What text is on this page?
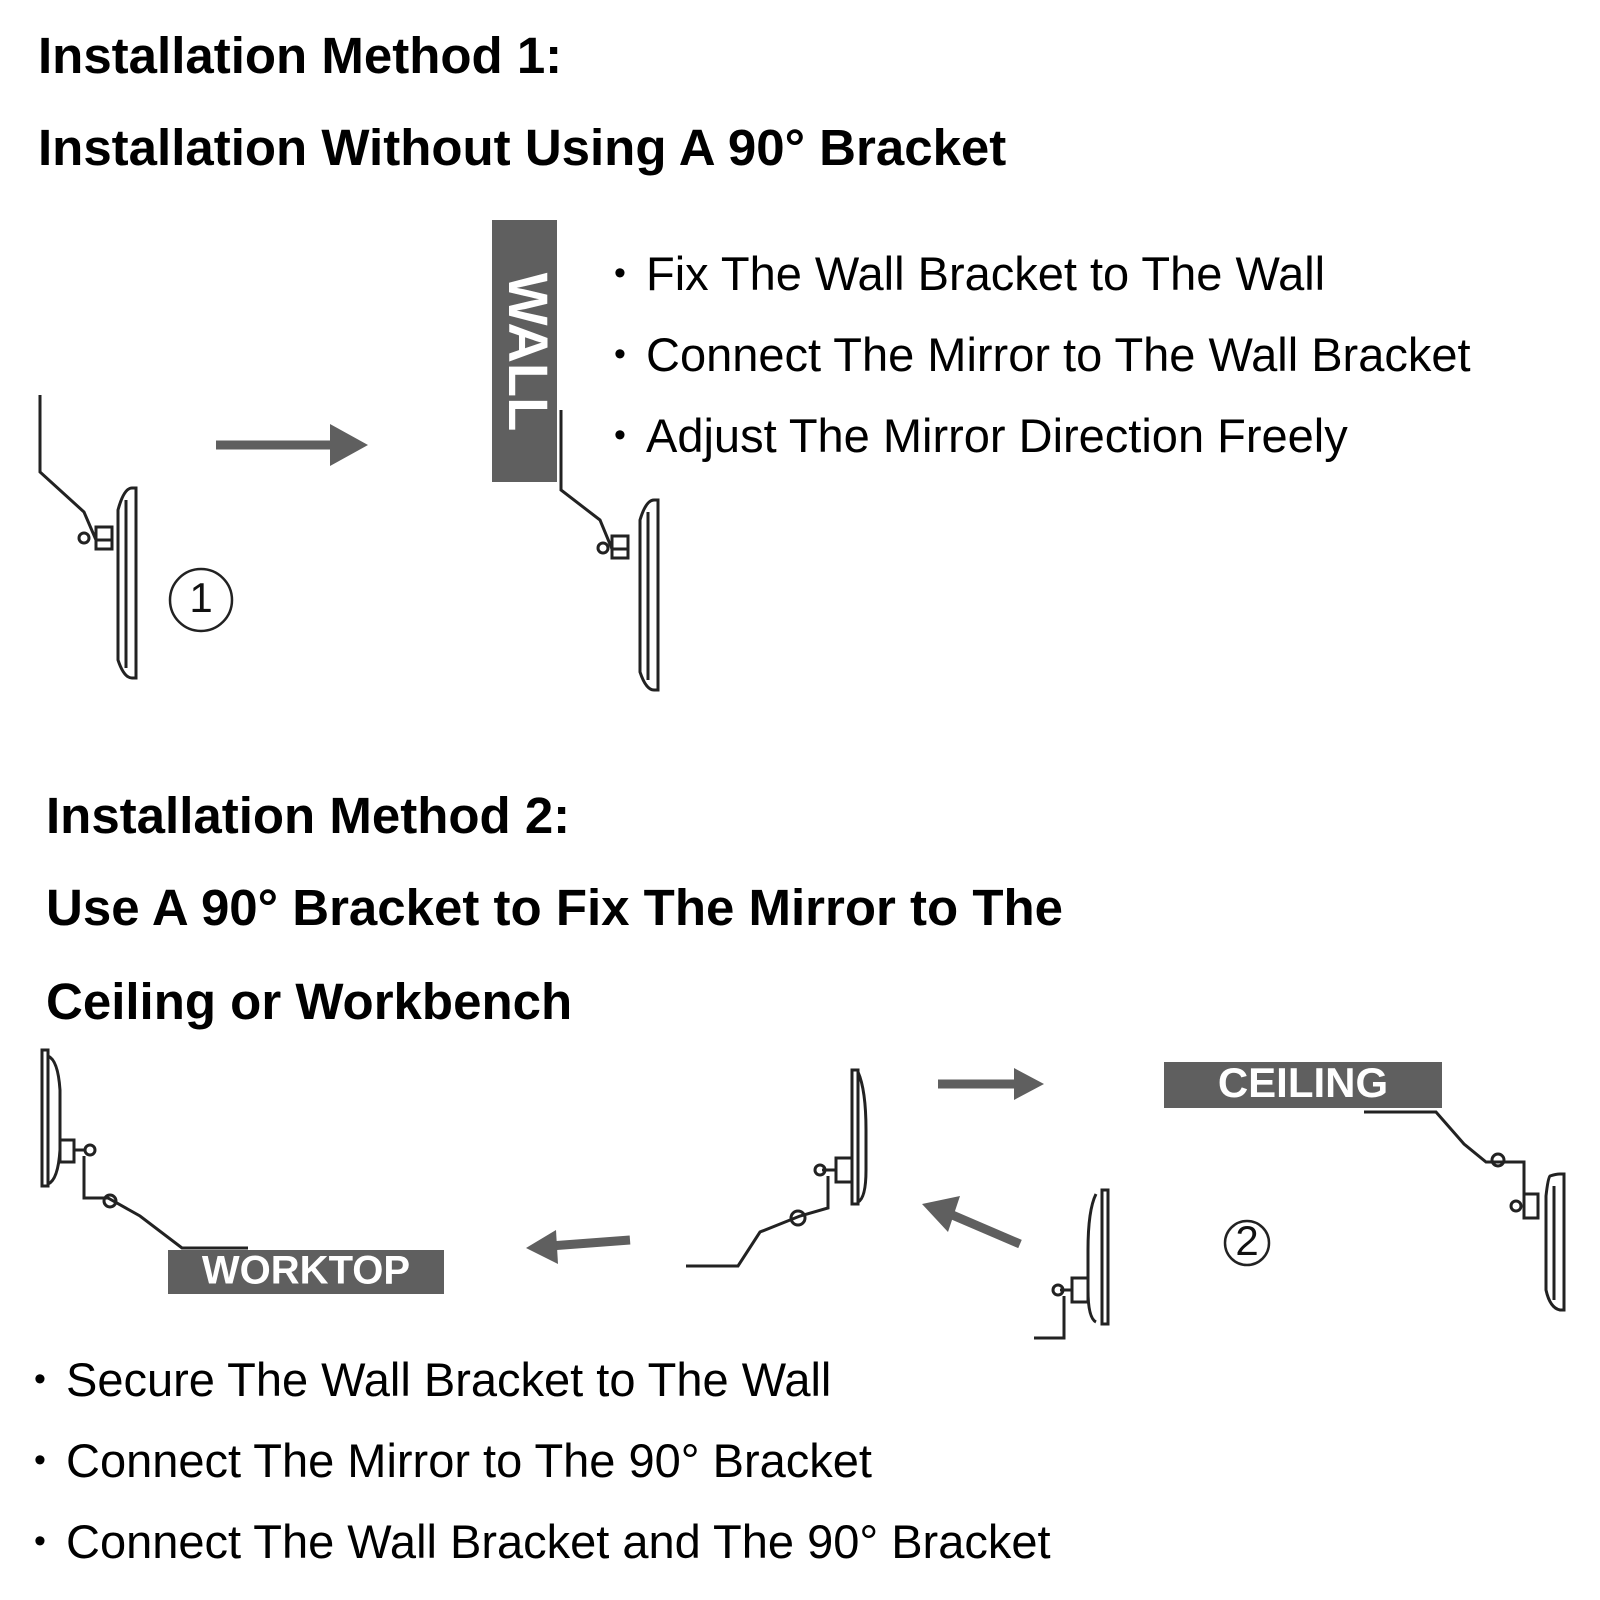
Installation Method 1:
Installation Without Using A 90° Bracket
• Fix The Wall Bracket to The Wall
• Connect The Mirror to The Wall Bracket
• Adjust The Mirror Direction Freely
Installation Method 2:
Use A 90° Bracket to Fix The Mirror to The
Ceiling or Workbench
• Secure The Wall Bracket to The Wall
• Connect The Mirror to The 90° Bracket
• Connect The Wall Bracket and The 90° Bracket
WALL
1
WORKTOP
2
CEILING
